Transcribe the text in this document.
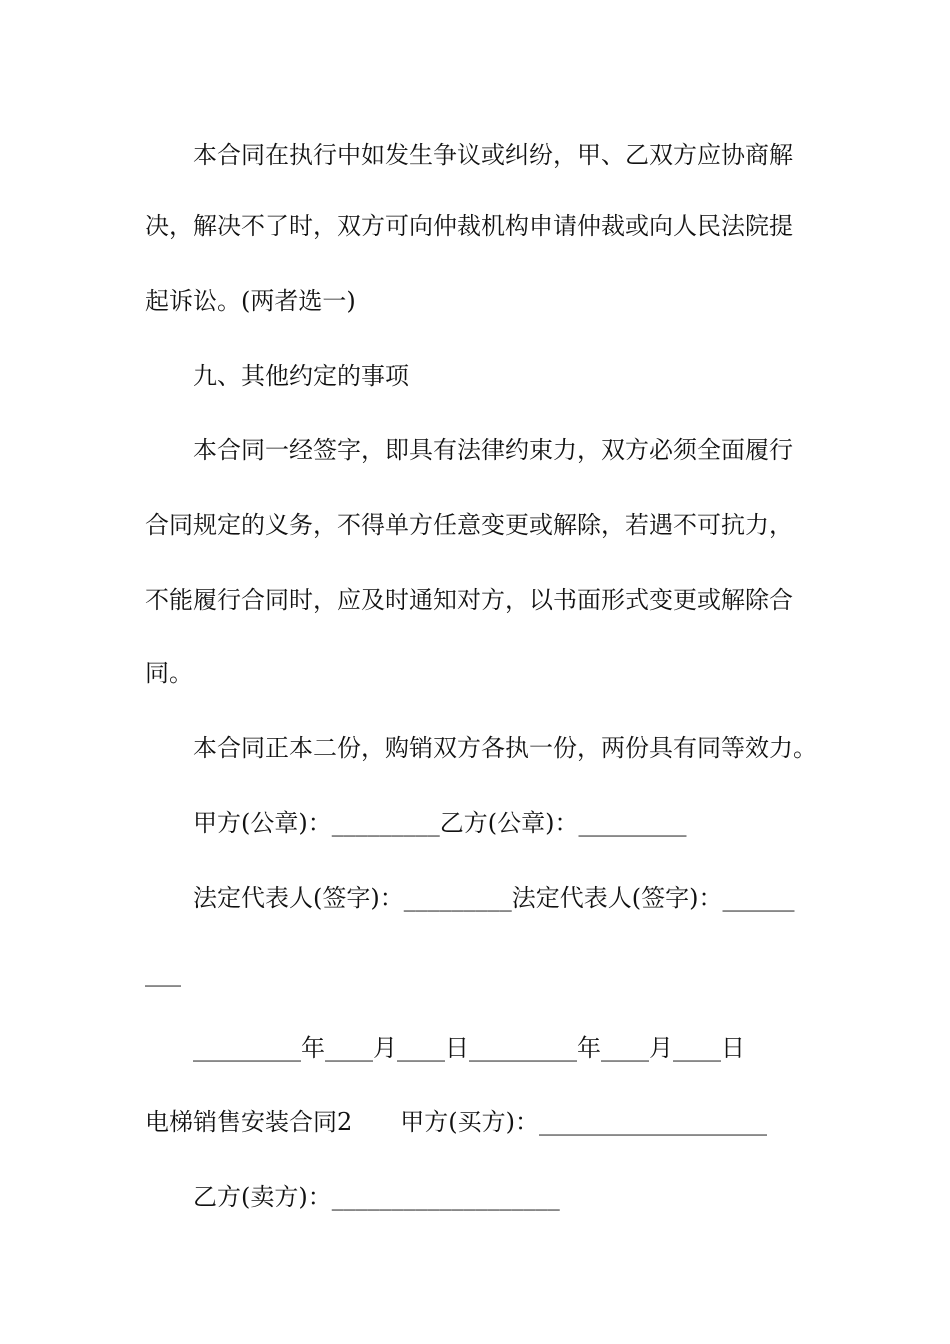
本合同在执行中如发生争议或纠纷，甲、乙双方应协商解
决，解决不了时，双方可向仲裁机构申请仲裁或向人民法院提
起诉讼。(两者选一)
九、其他约定的事项
本合同一经签字，即具有法律约束力，双方必须全面履行
合同规定的义务，不得单方任意变更或解除，若遇不可抗力，
不能履行合同时，应及时通知对方，以书面形式变更或解除合
同。
本合同正本二份，购销双方各执一份，两份具有同等效力。
甲方(公章)：_________乙方(公章)：_________
法定代表人(签字)：_________法定代表人(签字)：______
___
_________年____月____日_________年____月____日
电梯销售安装合同2　　甲方(买方)：___________________
乙方(卖方)：___________________
